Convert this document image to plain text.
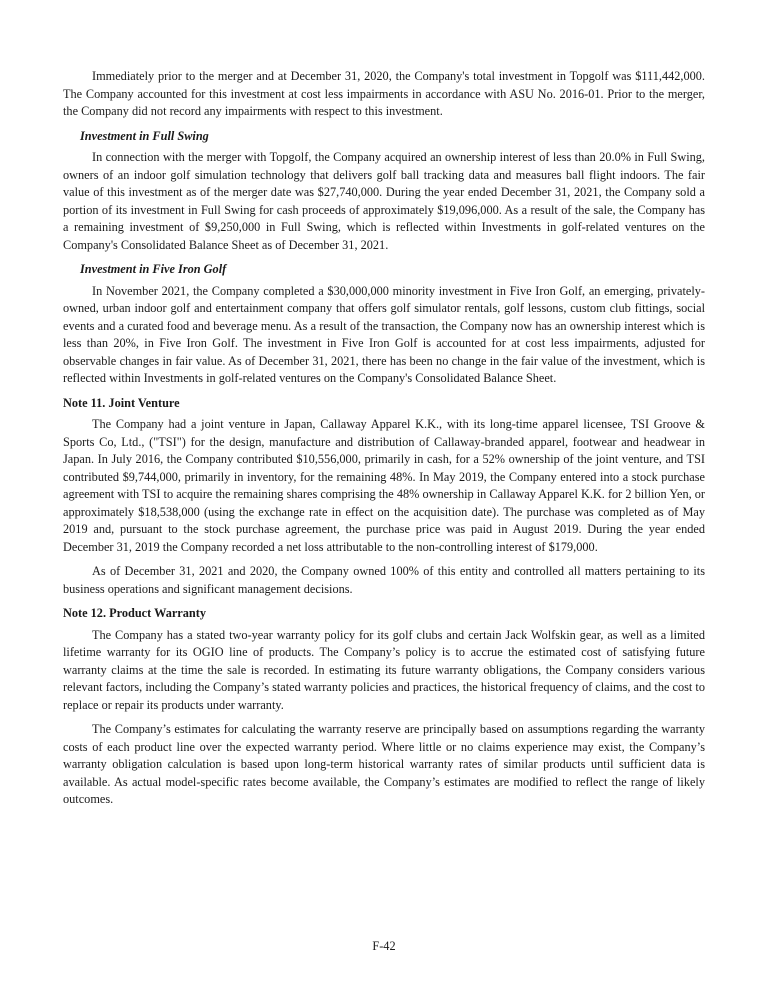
Immediately prior to the merger and at December 31, 2020, the Company's total investment in Topgolf was $111,442,000. The Company accounted for this investment at cost less impairments in accordance with ASU No. 2016-01. Prior to the merger, the Company did not record any impairments with respect to this investment.

Investment in Full Swing

In connection with the merger with Topgolf, the Company acquired an ownership interest of less than 20.0% in Full Swing, owners of an indoor golf simulation technology that delivers golf ball tracking data and measures ball flight indoors. The fair value of this investment as of the merger date was $27,740,000. During the year ended December 31, 2021, the Company sold a portion of its investment in Full Swing for cash proceeds of approximately $19,096,000. As a result of the sale, the Company has a remaining investment of $9,250,000 in Full Swing, which is reflected within Investments in golf-related ventures on the Company's Consolidated Balance Sheet as of December 31, 2021.

Investment in Five Iron Golf

In November 2021, the Company completed a $30,000,000 minority investment in Five Iron Golf, an emerging, privately-owned, urban indoor golf and entertainment company that offers golf simulator rentals, golf lessons, custom club fittings, social events and a curated food and beverage menu. As a result of the transaction, the Company now has an ownership interest which is less than 20%, in Five Iron Golf. The investment in Five Iron Golf is accounted for at cost less impairments, adjusted for observable changes in fair value. As of December 31, 2021, there has been no change in the fair value of the investment, which is reflected within Investments in golf-related ventures on the Company's Consolidated Balance Sheet.

Note 11. Joint Venture

The Company had a joint venture in Japan, Callaway Apparel K.K., with its long-time apparel licensee, TSI Groove & Sports Co, Ltd., ("TSI") for the design, manufacture and distribution of Callaway-branded apparel, footwear and headwear in Japan. In July 2016, the Company contributed $10,556,000, primarily in cash, for a 52% ownership of the joint venture, and TSI contributed $9,744,000, primarily in inventory, for the remaining 48%. In May 2019, the Company entered into a stock purchase agreement with TSI to acquire the remaining shares comprising the 48% ownership in Callaway Apparel K.K. for 2 billion Yen, or approximately $18,538,000 (using the exchange rate in effect on the acquisition date). The purchase was completed as of May 2019 and, pursuant to the stock purchase agreement, the purchase price was paid in August 2019. During the year ended December 31, 2019 the Company recorded a net loss attributable to the non-controlling interest of $179,000.

As of December 31, 2021 and 2020, the Company owned 100% of this entity and controlled all matters pertaining to its business operations and significant management decisions.

Note 12. Product Warranty

The Company has a stated two-year warranty policy for its golf clubs and certain Jack Wolfskin gear, as well as a limited lifetime warranty for its OGIO line of products. The Company’s policy is to accrue the estimated cost of satisfying future warranty claims at the time the sale is recorded. In estimating its future warranty obligations, the Company considers various relevant factors, including the Company’s stated warranty policies and practices, the historical frequency of claims, and the cost to replace or repair its products under warranty.

The Company’s estimates for calculating the warranty reserve are principally based on assumptions regarding the warranty costs of each product line over the expected warranty period. Where little or no claims experience may exist, the Company’s warranty obligation calculation is based upon long-term historical warranty rates of similar products until sufficient data is available. As actual model-specific rates become available, the Company’s estimates are modified to reflect the range of likely outcomes.

F-42
